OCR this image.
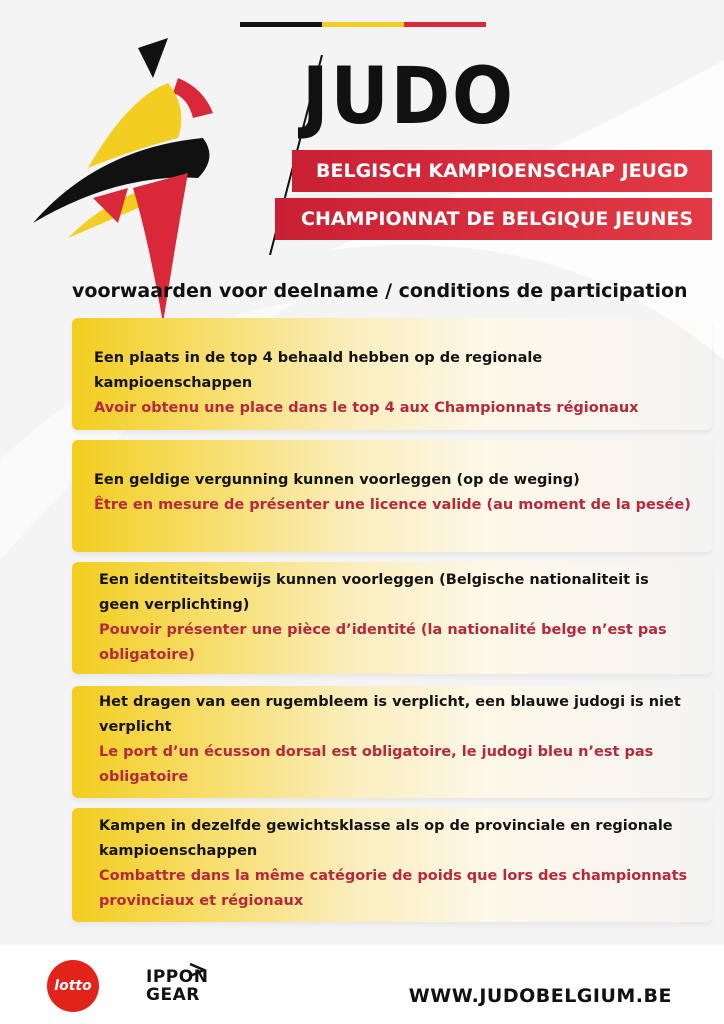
JUDO
BELGISCH KAMPIOENSCHAP JEUGD
CHAMPIONNAT DE BELGIQUE JEUNES
voorwaarden voor deelname / conditions de participation

Een plaats in de top 4 behaald hebben op de regionale kampioenschappen

Avoir obtenu une place dans le top 4 aux Championnats régionaux

Een geldige vergunning kunnen voorleggen (op de weging)

Être en mesure de présenter une licence valide (au moment de la pesée)

Een identiteitsbewijs kunnen voorleggen (Belgische nationaliteit is geen verplichting)

Pouvoir présenter une pièce d’identité (la nationalité belge n’est pas obligatoire)

Het dragen van een rugembleem is verplicht, een blauwe judogi is niet verplicht

Le port d’un écusson dorsal est obligatoire, le judogi bleu n’est pas obligatoire

Kampen in dezelfde gewichtsklasse als op de provinciale en regionale kampioenschappen

Combattre dans la même catégorie de poids que lors des championnats provinciaux et régionaux

lotto	IPPON
GEAR	WWW.JUDOBELGIUM.BE
